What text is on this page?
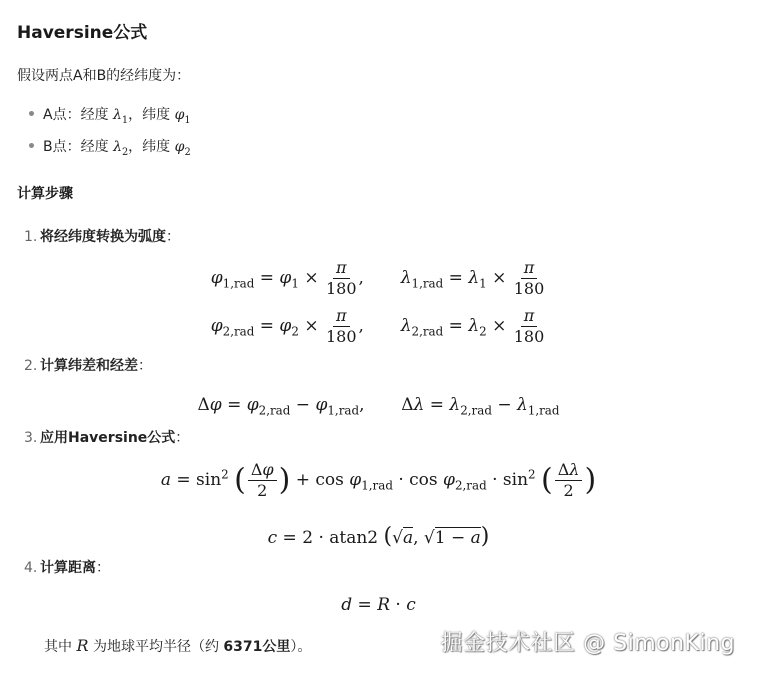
Haversine公式
假设两点A和B的经纬度为：
A点：经度 $\lambda_1$，纬度 $\varphi_1$
B点：经度 $\lambda_2$，纬度 $\varphi_2$
计算步骤
1. 将经纬度转换为弧度：
$\varphi_{1,rad} = \varphi_1 \times \frac{\pi}{180}$ , $\lambda_{1,rad} = \lambda_1 \times \frac{\pi}{180}$
$\varphi_{2,rad} = \varphi_2 \times \frac{\pi}{180}$ , $\lambda_{2,rad} = \lambda_2 \times \frac{\pi}{180}$
2. 计算纬差和经差：
$\Delta\varphi = \varphi_{2,rad} - \varphi_{1,rad}$, $\Delta\lambda = \lambda_{2,rad} - \lambda_{1,rad}$
3. 应用Haversine公式：
$a = \sin^2$ ( $\frac{\Delta\varphi}{2}$ ) + $\cos \varphi_{1,rad} \cdot \cos \varphi_{2,rad} \cdot \sin^2$ ( $\frac{\Delta\lambda}{2}$ )
c = 2 · atan2 (√a, √1 − a)
4. 计算距离：
d = R · c
其中 R 为地球平均半径（约 6371公里）。	掘金技术社区 @ SimonKing
